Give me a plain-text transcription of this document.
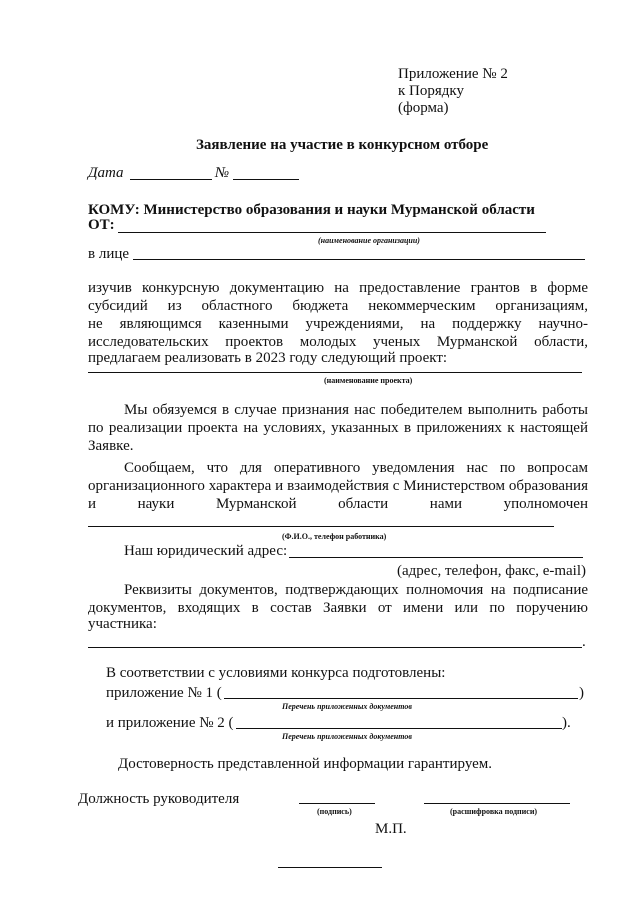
Приложение № 2
к Порядку
(форма)
Заявление на участие в конкурсном отборе
Дата	№
КОМУ: Министерство образования и науки Мурманской области
ОТ:
(наименование организации)
в лице
изучив конкурсную документацию на предоставление грантов в форме
субсидий из областного бюджета некоммерческим организациям,
не являющимся казенными учреждениями, на поддержку научно-
исследовательских проектов молодых ученых Мурманской области,
предлагаем реализовать в 2023 году следующий проект:
(наименование проекта)
Мы обязуемся в случае признания нас победителем выполнить работы
по реализации проекта на условиях, указанных в приложениях к настоящей
Заявке.
Сообщаем, что для оперативного уведомления нас по вопросам
организационного характера и взаимодействия с Министерством образования
и науки Мурманской области нами уполномочен
(Ф.И.О., телефон работника)
Наш юридический адрес:
(адрес, телефон, факс, e-mail)
Реквизиты документов, подтверждающих полномочия на подписание
документов, входящих в состав Заявки от имени или по поручению
участника:
.
В соответствии с условиями конкурса подготовлены:
приложение № 1 (	)
Перечень приложенных документов
и приложение № 2 (	).
Перечень приложенных документов
Достоверность представленной информации гарантируем.
Должность руководителя
(подпись)	(расшифровка подписи)
М.П.
